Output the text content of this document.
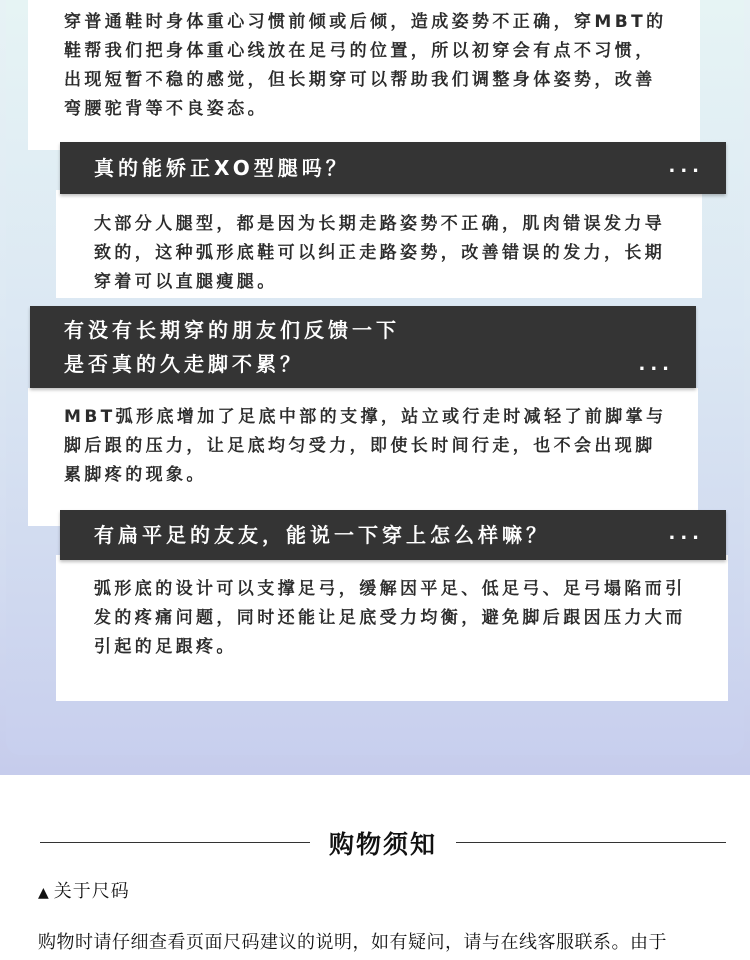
穿普通鞋时身体重心习惯前倾或后倾，造成姿势不正确，穿MBT的鞋帮我们把身体重心线放在足弓的位置，所以初穿会有点不习惯，出现短暂不稳的感觉，但长期穿可以帮助我们调整身体姿势，改善弯腰驼背等不良姿态。

大部分人腿型，都是因为长期走路姿势不正确，肌肉错误发力导致的，这种弧形底鞋可以纠正走路姿势，改善错误的发力，长期穿着可以直腿瘦腿。

真的能矫正XO型腿吗？	...

MBT弧形底增加了足底中部的支撑，站立或行走时减轻了前脚掌与脚后跟的压力，让足底均匀受力，即使长时间行走，也不会出现脚累脚疼的现象。

有没有长期穿的朋友们反馈一下
是否真的久走脚不累？	...

弧形底的设计可以支撑足弓，缓解因平足、低足弓、足弓塌陷而引发的疼痛问题，同时还能让足底受力均衡，避免脚后跟因压力大而引起的足跟疼。

有扁平足的友友，能说一下穿上怎么样嘛？	...
购物须知
▲ 关于尺码
购物时请仔细查看页面尺码建议的说明，如有疑问，请与在线客服联系。由于
